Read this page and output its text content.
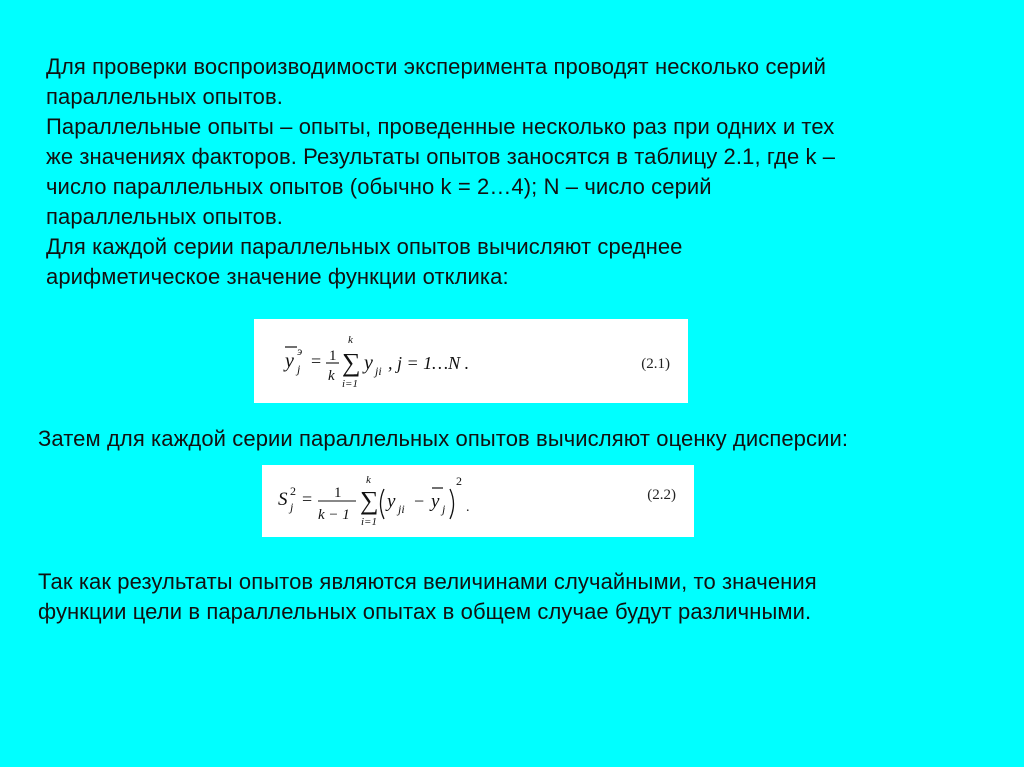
Для проверки воспроизводимости эксперимента проводят несколько серий
параллельных опытов.
Параллельные опыты – опыты, проведенные несколько раз при одних и тех
же значениях факторов. Результаты опытов заносятся в таблицу 2.1, где k –
число параллельных опытов (обычно k = 2…4); N – число серий
параллельных опытов.
Для каждой серии параллельных опытов вычисляют среднее
арифметическое значение функции отклика:
y э
j = 1
k
k
∑
i=1
y ji , j = 1…N .	(2.1)
Затем для каждой серии параллельных опытов вычисляют оценку дисперсии:
S 2
j = 1
k − 1
k
∑
i=1
y ji − y j
2
.
(2.2)
Так как результаты опытов являются величинами случайными, то значения
функции цели в параллельных опытах в общем случае будут различными.
